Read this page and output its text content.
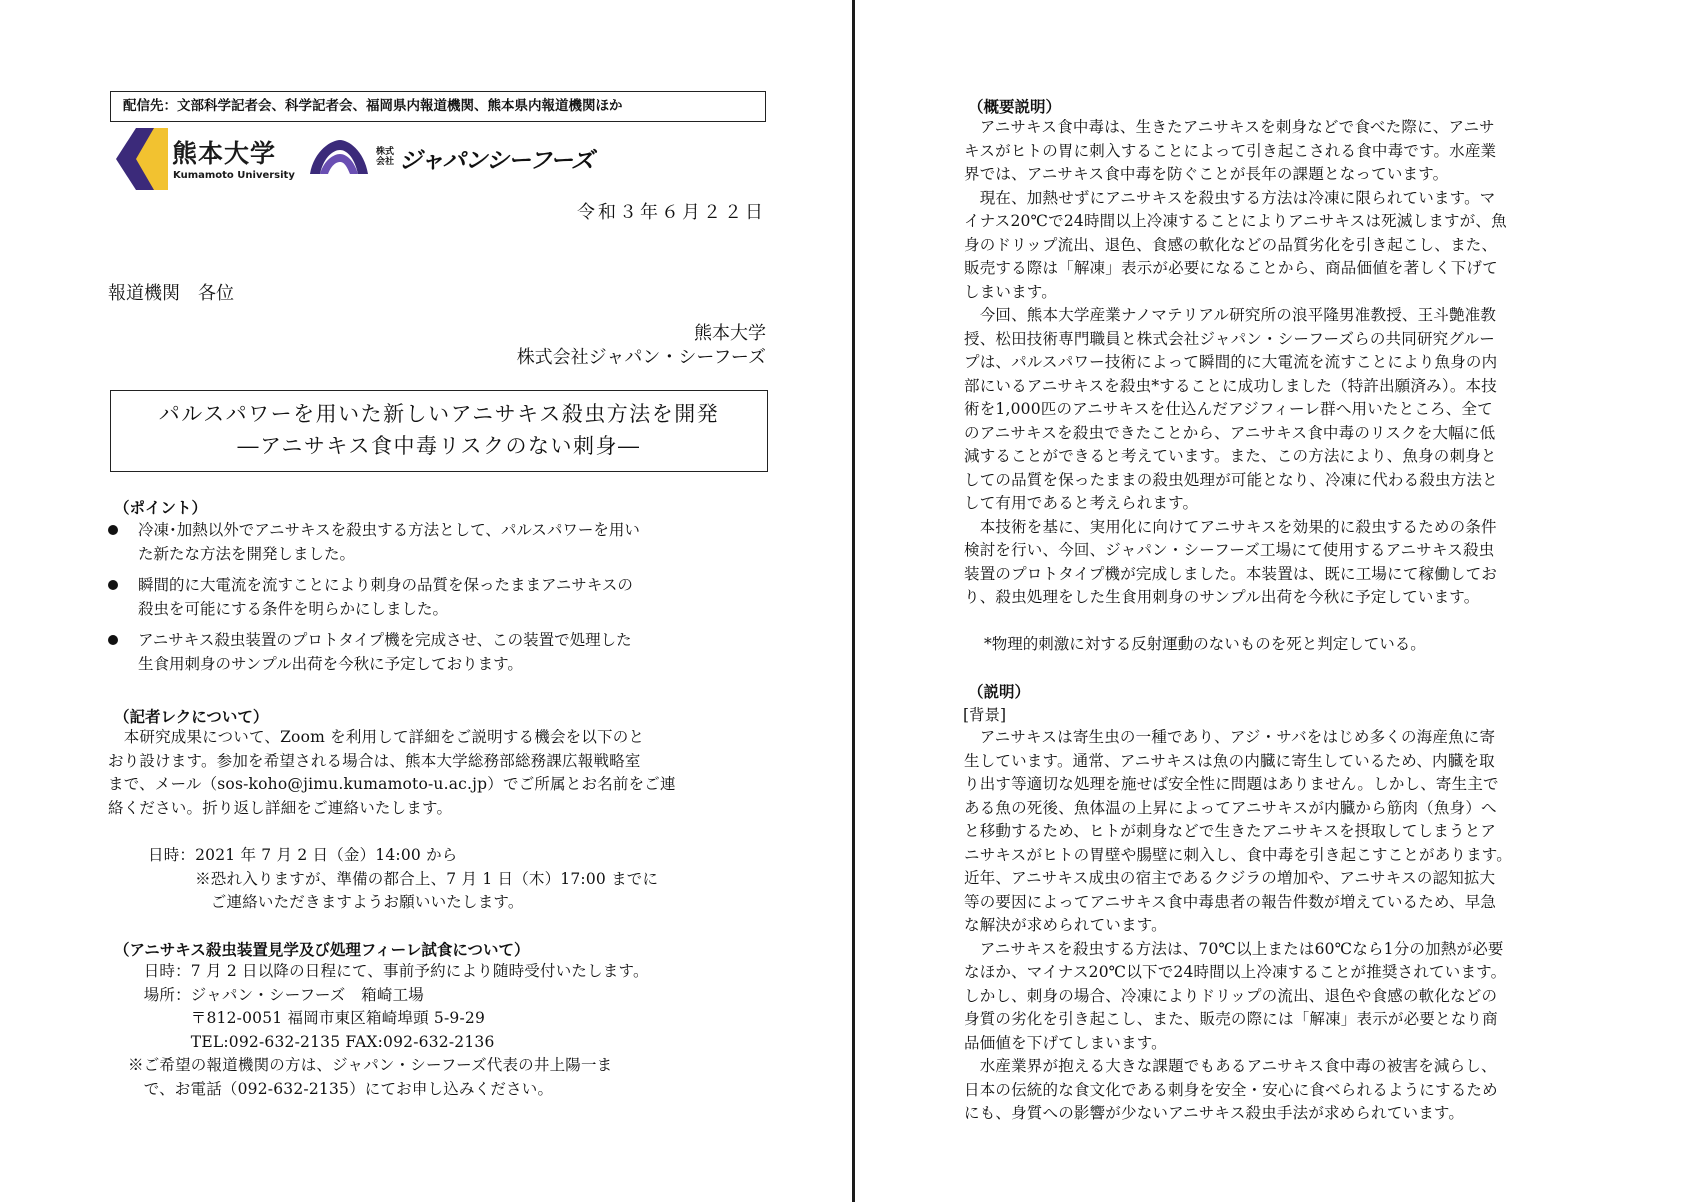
配信先：文部科学記者会、科学記者会、福岡県内報道機関、熊本県内報道機関ほか
熊本大学
Kumamoto University
株式会社 ジャパンシーフーズ
令和３年６月２２日
報道機関　各位
熊本大学
株式会社ジャパン・シーフーズ
パルスパワーを用いた新しいアニサキス殺虫方法を開発
―アニサキス食中毒リスクのない刺身―
（ポイント）
冷凍･加熱以外でアニサキスを殺虫する方法として、パルスパワーを用い
た新たな方法を開発しました。
瞬間的に大電流を流すことにより刺身の品質を保ったままアニサキスの
殺虫を可能にする条件を明らかにしました。
アニサキス殺虫装置のプロトタイプ機を完成させ、この装置で処理した
生食用刺身のサンプル出荷を今秋に予定しております。
（記者レクについて）
　本研究成果について、Zoom を利用して詳細をご説明する機会を以下のと
おり設けます。参加を希望される場合は、熊本大学総務部総務課広報戦略室
まで、メール（sos-koho@jimu.kumamoto-u.ac.jp）でご所属とお名前をご連
絡ください。折り返し詳細をご連絡いたします。
日時：2021 年 7 月 2 日（金）14:00 から
　　　※恐れ入りますが、準備の都合上、7 月 1 日（木）17:00 までに
　　　　ご連絡いただきますようお願いいたします。
（アニサキス殺虫装置見学及び処理フィーレ試食について）
　日時：7 月 2 日以降の日程にて、事前予約により随時受付いたします。
　場所：ジャパン・シーフーズ　箱崎工場
　　　　〒812-0051 福岡市東区箱崎埠頭 5-9-29
　　　　TEL:092-632-2135 FAX:092-632-2136
※ご希望の報道機関の方は、ジャパン・シーフーズ代表の井上陽一ま
　で、お電話（092-632-2135）にてお申し込みください。
（概要説明）
　アニサキス食中毒は、生きたアニサキスを刺身などで食べた際に、アニサ
キスがヒトの胃に刺入することによって引き起こされる食中毒です。水産業
界では、アニサキス食中毒を防ぐことが長年の課題となっています。
　現在、加熱せずにアニサキスを殺虫する方法は冷凍に限られています。マ
イナス20℃で24時間以上冷凍することによりアニサキスは死滅しますが、魚
身のドリップ流出、退色、食感の軟化などの品質劣化を引き起こし、また、
販売する際は「解凍」表示が必要になることから、商品価値を著しく下げて
しまいます。
　今回、熊本大学産業ナノマテリアル研究所の浪平隆男准教授、王斗艶准教
授、松田技術専門職員と株式会社ジャパン・シーフーズらの共同研究グルー
プは、パルスパワー技術によって瞬間的に大電流を流すことにより魚身の内
部にいるアニサキスを殺虫*することに成功しました（特許出願済み）。本技
術を1,000匹のアニサキスを仕込んだアジフィーレ群へ用いたところ、全て
のアニサキスを殺虫できたことから、アニサキス食中毒のリスクを大幅に低
減することができると考えています。また、この方法により、魚身の刺身と
しての品質を保ったままの殺虫処理が可能となり、冷凍に代わる殺虫方法と
して有用であると考えられます。
　本技術を基に、実用化に向けてアニサキスを効果的に殺虫するための条件
検討を行い、今回、ジャパン・シーフーズ工場にて使用するアニサキス殺虫
装置のプロトタイプ機が完成しました。本装置は、既に工場にて稼働してお
り、殺虫処理をした生食用刺身のサンプル出荷を今秋に予定しています。
*物理的刺激に対する反射運動のないものを死と判定している。
（説明）
[背景]
　アニサキスは寄生虫の一種であり、アジ・サバをはじめ多くの海産魚に寄
生しています。通常、アニサキスは魚の内臓に寄生しているため、内臓を取
り出す等適切な処理を施せば安全性に問題はありません。しかし、寄生主で
ある魚の死後、魚体温の上昇によってアニサキスが内臓から筋肉（魚身）へ
と移動するため、ヒトが刺身などで生きたアニサキスを摂取してしまうとア
ニサキスがヒトの胃壁や腸壁に刺入し、食中毒を引き起こすことがあります。
近年、アニサキス成虫の宿主であるクジラの増加や、アニサキスの認知拡大
等の要因によってアニサキス食中毒患者の報告件数が増えているため、早急
な解決が求められています。
　アニサキスを殺虫する方法は、70℃以上または60℃なら1分の加熱が必要
なほか、マイナス20℃以下で24時間以上冷凍することが推奨されています。
しかし、刺身の場合、冷凍によりドリップの流出、退色や食感の軟化などの
身質の劣化を引き起こし、また、販売の際には「解凍」表示が必要となり商
品価値を下げてしまいます。
　水産業界が抱える大きな課題でもあるアニサキス食中毒の被害を減らし、
日本の伝統的な食文化である刺身を安全・安心に食べられるようにするため
にも、身質への影響が少ないアニサキス殺虫手法が求められています。
